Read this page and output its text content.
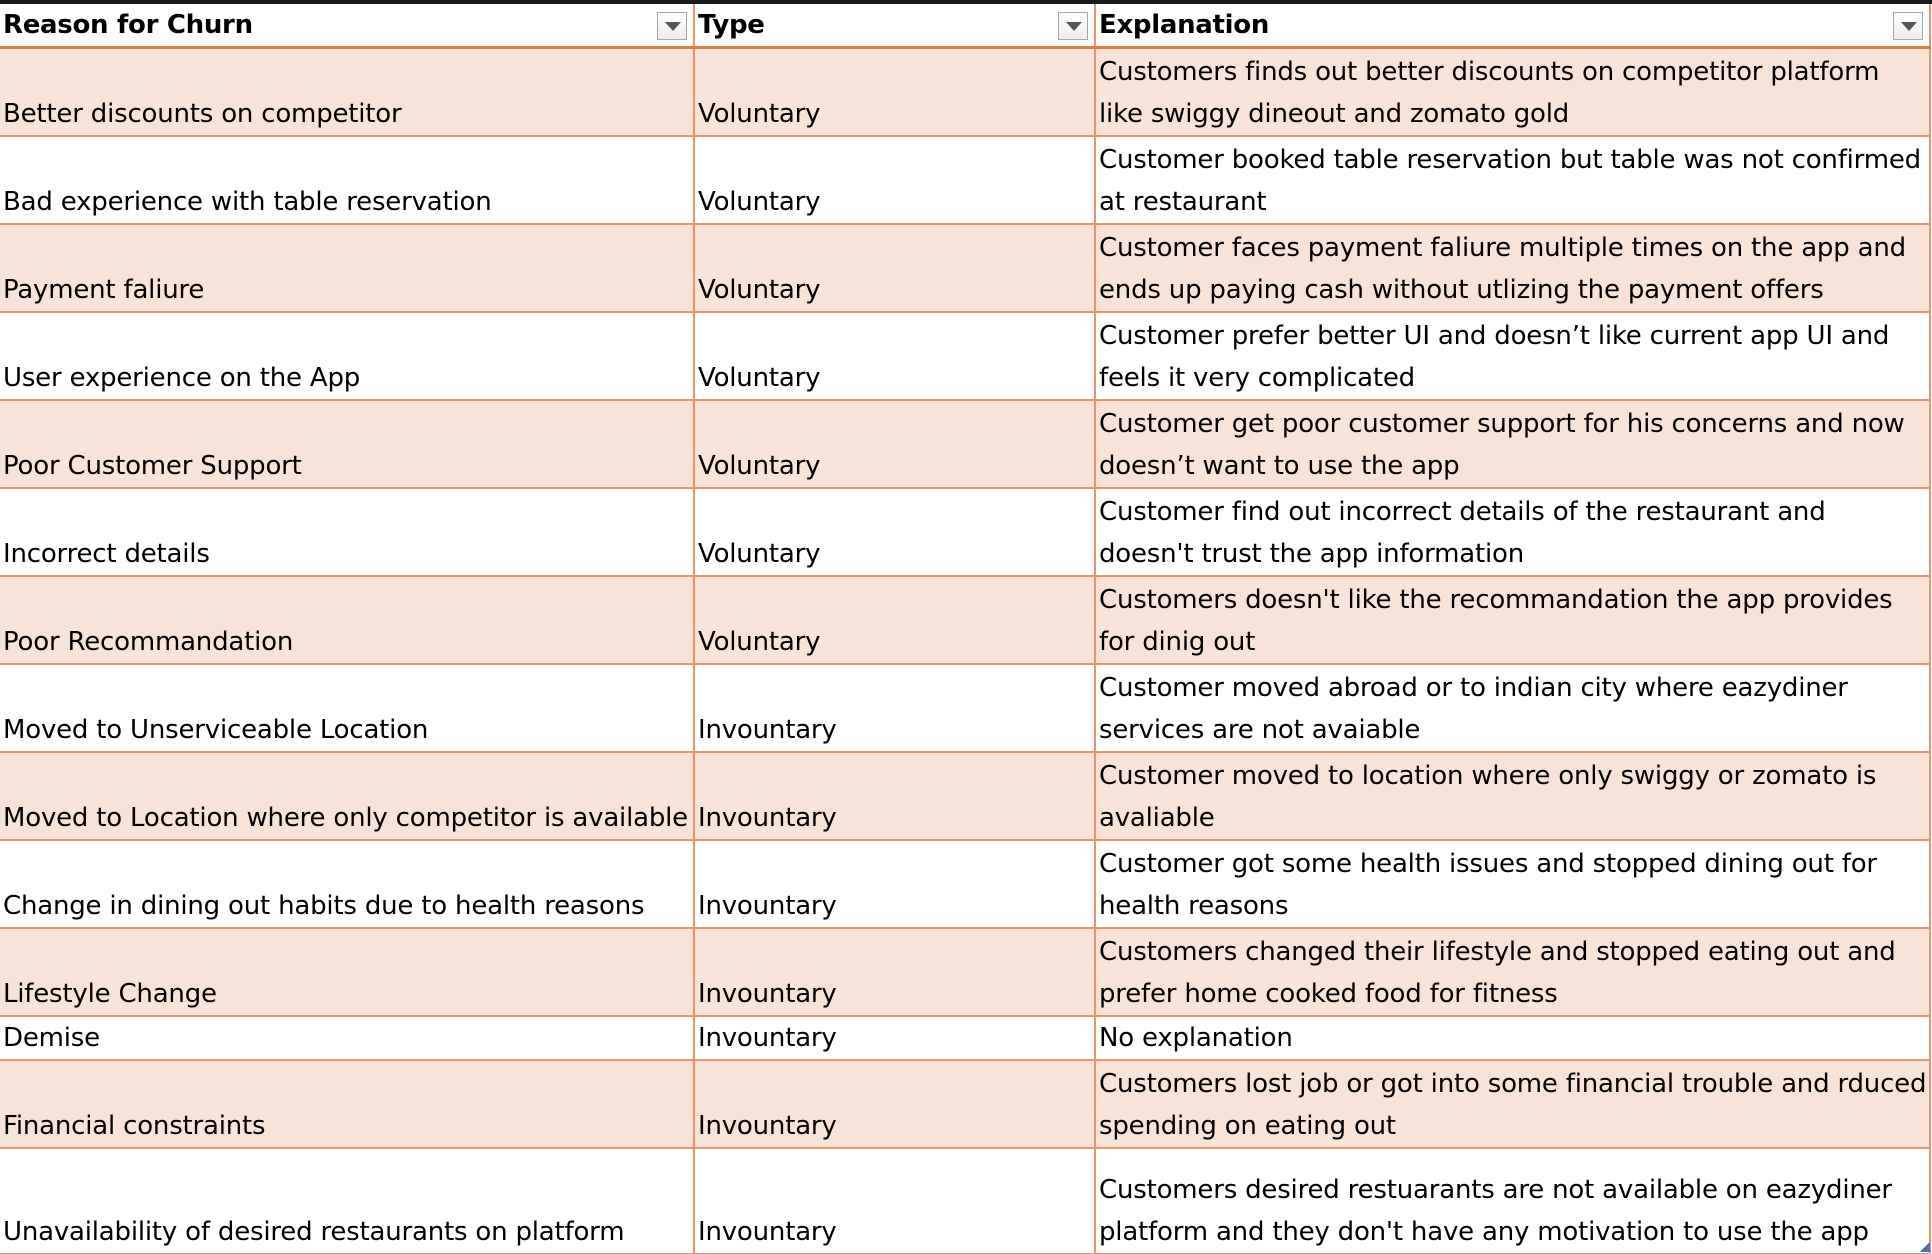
Reason for Churn	Type	Explanation

Better discounts on competitor	Voluntary	Customers finds out better discounts on competitor platform like swiggy dineout and zomato gold
Bad experience with table reservation	Voluntary	Customer booked table reservation but table was not confirmed at restaurant
Payment faliure	Voluntary	Customer faces payment faliure multiple times on the app and ends up paying cash without utlizing the payment offers
User experience on the App	Voluntary	Customer prefer better UI and doesn’t like current app UI and feels it very complicated
Poor Customer Support	Voluntary	Customer get poor customer support for his concerns and now doesn’t want to use the app
Incorrect details	Voluntary	Customer find out incorrect details of the restaurant and doesn't trust the app information
Poor Recommandation	Voluntary	Customers doesn't like the recommandation the app provides for dinig out
Moved to Unserviceable Location	Invountary	Customer moved abroad or to indian city where eazydiner services are not avaiable
Moved to Location where only competitor is available	Invountary	Customer moved to location where only swiggy or zomato is avaliable
Change in dining out habits due to health reasons	Invountary	Customer got some health issues and stopped dining out for health reasons
Lifestyle Change	Invountary	Customers changed their lifestyle and stopped eating out and prefer home cooked food for fitness
Demise	Invountary	No explanation
Financial constraints	Invountary	Customers lost job or got into some financial trouble and rduced spending on eating out
Unavailability of desired restaurants on platform	Invountary	Customers desired restuarants are not available on eazydiner platform and they don't have any motivation to use the app
